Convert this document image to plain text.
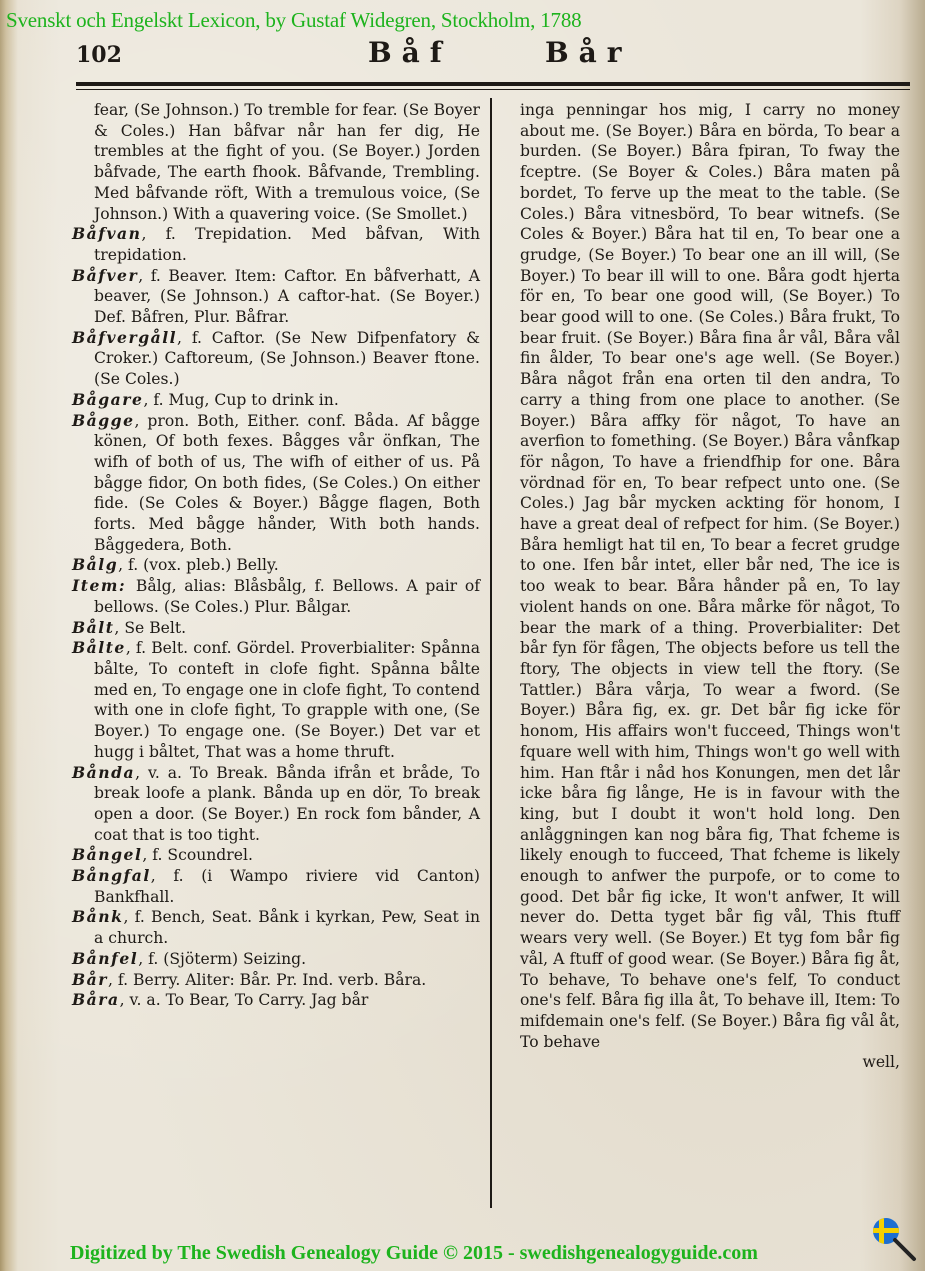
Svenskt och Engelskt Lexicon, by Gustaf Widegren, Stockholm, 1788
102	Båf	Bår

fear, (Se Johnson.) To tremble for fear. (Se Boyer & Coles.) Han båfvar når han fer dig, He trembles at the fight of you. (Se Boyer.) Jorden båfvade, The earth fhook. Båfvande, Trembling. Med båfvande röft, With a tremulous voice, (Se Johnson.) With a quavering voice. (Se Smollet.)

Båfvan, f. Trepidation. Med båfvan, With trepidation.

Båfver, f. Beaver. Item: Caftor. En båfverhatt, A beaver, (Se Johnson.) A caftor-hat. (Se Boyer.) Def. Båfren, Plur. Båfrar.

Båfvergåll, f. Caftor. (Se New Difpenfatory & Croker.) Caftoreum, (Se Johnson.) Beaver ftone. (Se Coles.)

Bågare, f. Mug, Cup to drink in.

Bågge, pron. Both, Either. conf. Båda. Af bågge könen, Of both fexes. Bågges vår önfkan, The wifh of both of us, The wifh of either of us. På bågge fidor, On both fides, (Se Coles.) On either fide. (Se Coles & Boyer.) Bågge flagen, Both forts. Med bågge hånder, With both hands. Båggedera, Both.

Bålg, f. (vox. pleb.) Belly.

Item: Bålg, alias: Blåsbålg, f. Bellows. A pair of bellows. (Se Coles.) Plur. Bålgar.

Bålt, Se Belt.

Bålte, f. Belt. conf. Gördel. Proverbialiter: Spånna bålte, To conteft in clofe fight. Spånna bålte med en, To engage one in clofe fight, To contend with one in clofe fight, To grapple with one, (Se Boyer.) To engage one. (Se Boyer.) Det var et hugg i båltet, That was a home thruft.

Bånda, v. a. To Break. Bånda ifrån et bråde, To break loofe a plank. Bånda up en dör, To break open a door. (Se Boyer.) En rock fom bånder, A coat that is too tight.

Bångel, f. Scoundrel.

Bångfal, f. (i Wampo riviere vid Canton) Bankfhall.

Bånk, f. Bench, Seat. Bånk i kyrkan, Pew, Seat in a church.

Bånfel, f. (Sjöterm) Seizing.

Bår, f. Berry. Aliter: Bår. Pr. Ind. verb. Båra.

Båra, v. a. To Bear, To Carry. Jag bår

inga penningar hos mig, I carry no money about me. (Se Boyer.) Båra en börda, To bear a burden. (Se Boyer.) Båra fpiran, To fway the fceptre. (Se Boyer & Coles.) Båra maten på bordet, To ferve up the meat to the table. (Se Coles.) Båra vitnesbörd, To bear witnefs. (Se Coles & Boyer.) Båra hat til en, To bear one a grudge, (Se Boyer.) To bear one an ill will, (Se Boyer.) To bear ill will to one. Båra godt hjerta för en, To bear one good will, (Se Boyer.) To bear good will to one. (Se Coles.) Båra frukt, To bear fruit. (Se Boyer.) Båra fina år vål, Båra vål fin ålder, To bear one's age well. (Se Boyer.) Båra något från ena orten til den andra, To carry a thing from one place to another. (Se Boyer.) Båra affky för något, To have an averfion to fomething. (Se Boyer.) Båra vånfkap för någon, To have a friendfhip for one. Båra vördnad för en, To bear refpect unto one. (Se Coles.) Jag bår mycken ackting för honom, I have a great deal of refpect for him. (Se Boyer.) Båra hemligt hat til en, To bear a fecret grudge to one. Ifen bår intet, eller bår ned, The ice is too weak to bear. Båra hånder på en, To lay violent hands on one. Båra mårke för något, To bear the mark of a thing. Proverbialiter: Det bår fyn för fågen, The objects before us tell the ftory, The objects in view tell the ftory. (Se Tattler.) Båra vårja, To wear a fword. (Se Boyer.) Båra fig, ex. gr. Det bår fig icke för honom, His affairs won't fucceed, Things won't fquare well with him, Things won't go well with him. Han ftår i nåd hos Konungen, men det lår icke båra fig långe, He is in favour with the king, but I doubt it won't hold long. Den anlåggningen kan nog båra fig, That fcheme is likely enough to fucceed, That fcheme is likely enough to anfwer the purpofe, or to come to good. Det bår fig icke, It won't anfwer, It will never do. Detta tyget bår fig vål, This ftuff wears very well. (Se Boyer.) Et tyg fom bår fig vål, A ftuff of good wear. (Se Boyer.) Båra fig åt, To behave, To behave one's felf, To conduct one's felf. Båra fig illa åt, To behave ill, Item: To mifdemain one's felf. (Se Boyer.) Båra fig vål åt, To behave

well,

Digitized by The Swedish Genealogy Guide © 2015 - swedishgenealogyguide.com
